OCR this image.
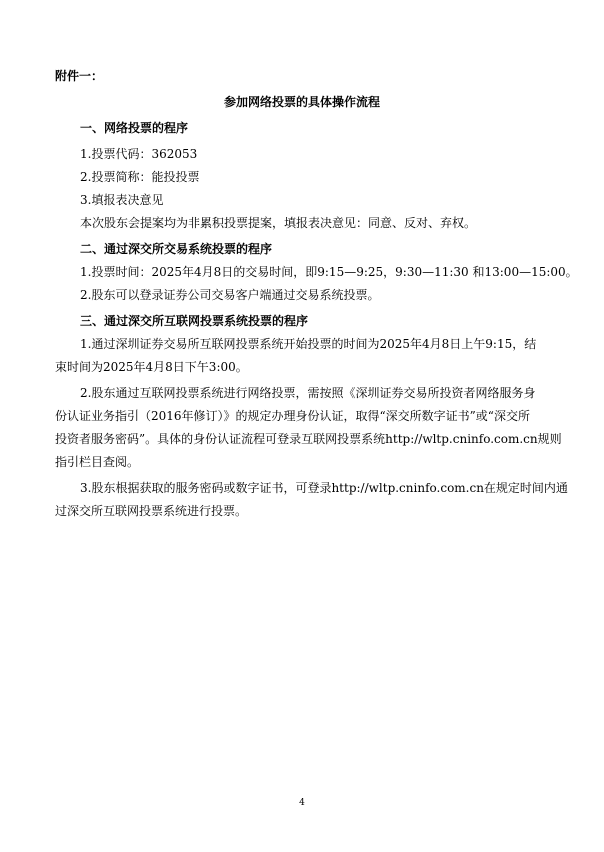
附件一：
参加网络投票的具体操作流程
一、网络投票的程序
1.投票代码：362053
2.投票简称：能投投票
3.填报表决意见
本次股东会提案均为非累积投票提案，填报表决意见：同意、反对、弃权。
二、通过深交所交易系统投票的程序
1.投票时间：2025年4月8日的交易时间，即9:15—9:25，9:30—11:30 和13:00—15:00。
2.股东可以登录证券公司交易客户端通过交易系统投票。
三、通过深交所互联网投票系统投票的程序
1.通过深圳证券交易所互联网投票系统开始投票的时间为2025年4月8日上午9:15，结
束时间为2025年4月8日下午3:00。
2.股东通过互联网投票系统进行网络投票，需按照《深圳证券交易所投资者网络服务身
份认证业务指引（2016年修订）》的规定办理身份认证，取得“深交所数字证书”或“深交所
投资者服务密码”。具体的身份认证流程可登录互联网投票系统http://wltp.cninfo.com.cn规则
指引栏目查阅。
3.股东根据获取的服务密码或数字证书，可登录http://wltp.cninfo.com.cn在规定时间内通
过深交所互联网投票系统进行投票。
4
